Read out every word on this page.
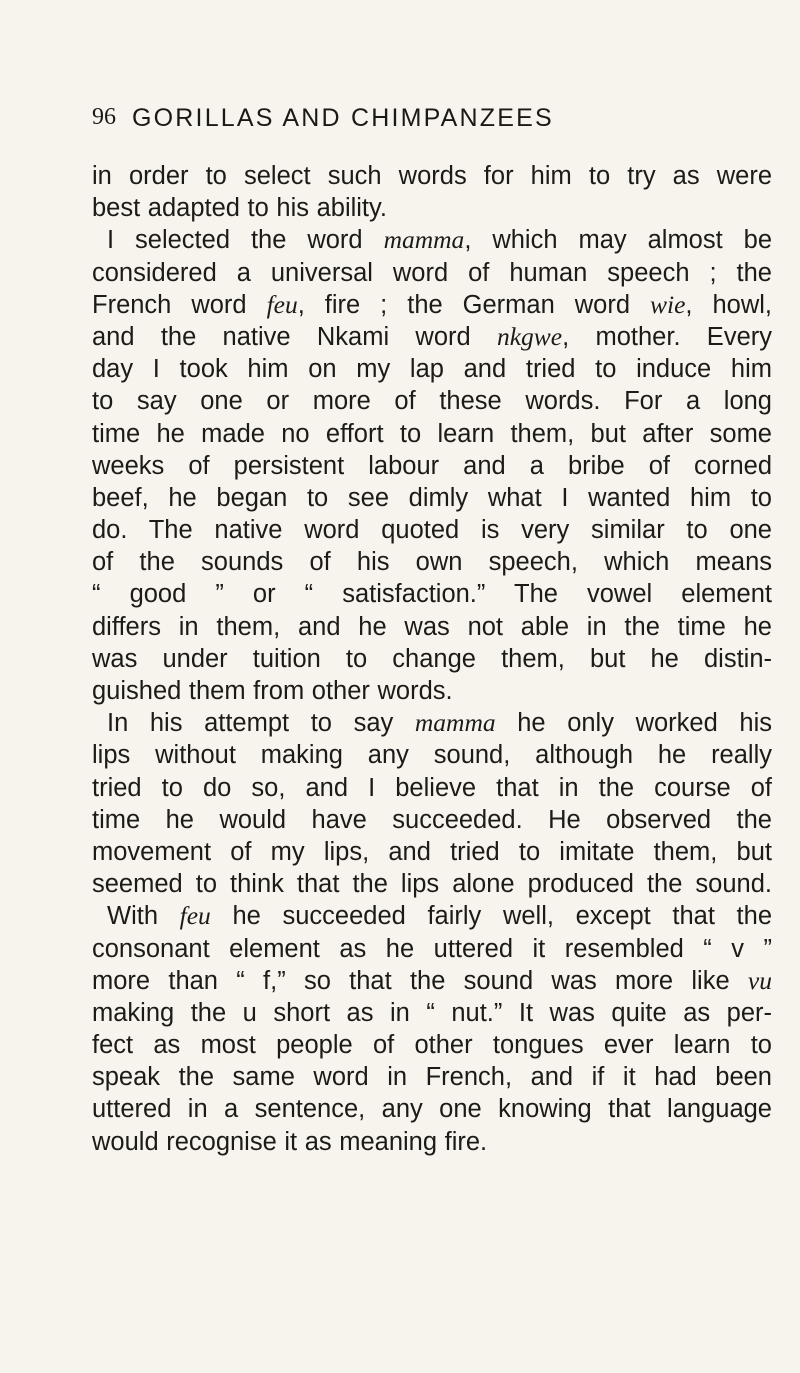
96 GORILLAS AND CHIMPANZEES
in order to select such words for him to try as were
best adapted to his ability.
I selected the word mamma, which may almost be
considered a universal word of human speech ; the
French word feu, fire ; the German word wie, howl,
and the native Nkami word nkgwe, mother. Every
day I took him on my lap and tried to induce him
to say one or more of these words. For a long
time he made no effort to learn them, but after some
weeks of persistent labour and a bribe of corned
beef, he began to see dimly what I wanted him to
do. The native word quoted is very similar to one
of the sounds of his own speech, which means
“ good ” or “ satisfaction.” The vowel element
differs in them, and he was not able in the time he
was under tuition to change them, but he distin-
guished them from other words.
In his attempt to say mamma he only worked his
lips without making any sound, although he really
tried to do so, and I believe that in the course of
time he would have succeeded. He observed the
movement of my lips, and tried to imitate them, but
seemed to think that the lips alone produced the sound.
With feu he succeeded fairly well, except that the
consonant element as he uttered it resembled “ v ”
more than “ f,” so that the sound was more like vu
making the u short as in “ nut.” It was quite as per-
fect as most people of other tongues ever learn to
speak the same word in French, and if it had been
uttered in a sentence, any one knowing that language
would recognise it as meaning fire.
